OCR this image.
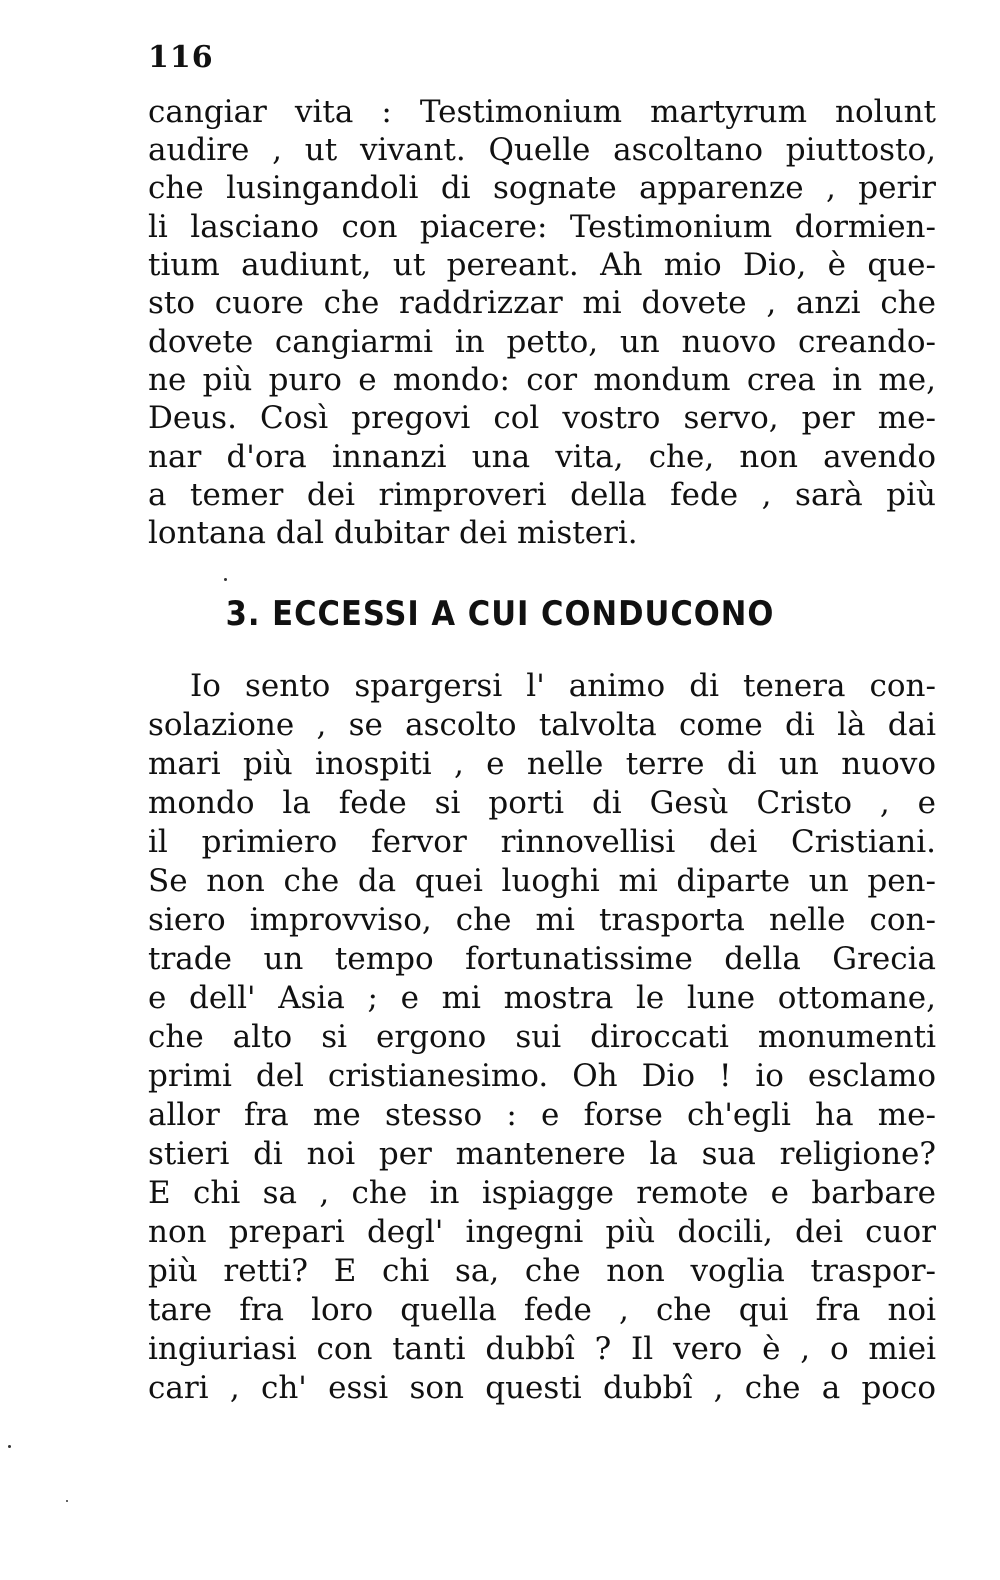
116
cangiar vita : Testimonium martyrum nolunt
audire , ut vivant. Quelle ascoltano piuttosto,
che lusingandoli di sognate apparenze , perir
li lasciano con piacere: Testimonium dormien-
tium audiunt, ut pereant. Ah mio Dio, è que-
sto cuore che raddrizzar mi dovete , anzi che
dovete cangiarmi in petto, un nuovo creando-
ne più puro e mondo: cor mondum crea in me,
Deus. Così pregovi col vostro servo, per me-
nar d'ora innanzi una vita, che, non avendo
a temer dei rimproveri della fede , sarà più
lontana dal dubitar dei misteri.
3. ECCESSI A CUI CONDUCONO
Io sento spargersi l' animo di tenera con-
solazione , se ascolto talvolta come di là dai
mari più inospiti , e nelle terre di un nuovo
mondo la fede si porti di Gesù Cristo , e
il primiero fervor rinnovellisi dei Cristiani.
Se non che da quei luoghi mi diparte un pen-
siero improvviso, che mi trasporta nelle con-
trade un tempo fortunatissime della Grecia
e dell' Asia ; e mi mostra le lune ottomane,
che alto si ergono sui diroccati monumenti
primi del cristianesimo. Oh Dio ! io esclamo
allor fra me stesso : e forse ch'egli ha me-
stieri di noi per mantenere la sua religione?
E chi sa , che in ispiagge remote e barbare
non prepari degl' ingegni più docili, dei cuor
più retti? E chi sa, che non voglia traspor-
tare fra loro quella fede , che qui fra noi
ingiuriasi con tanti dubbî ? Il vero è , o miei
cari , ch' essi son questi dubbî , che a poco
